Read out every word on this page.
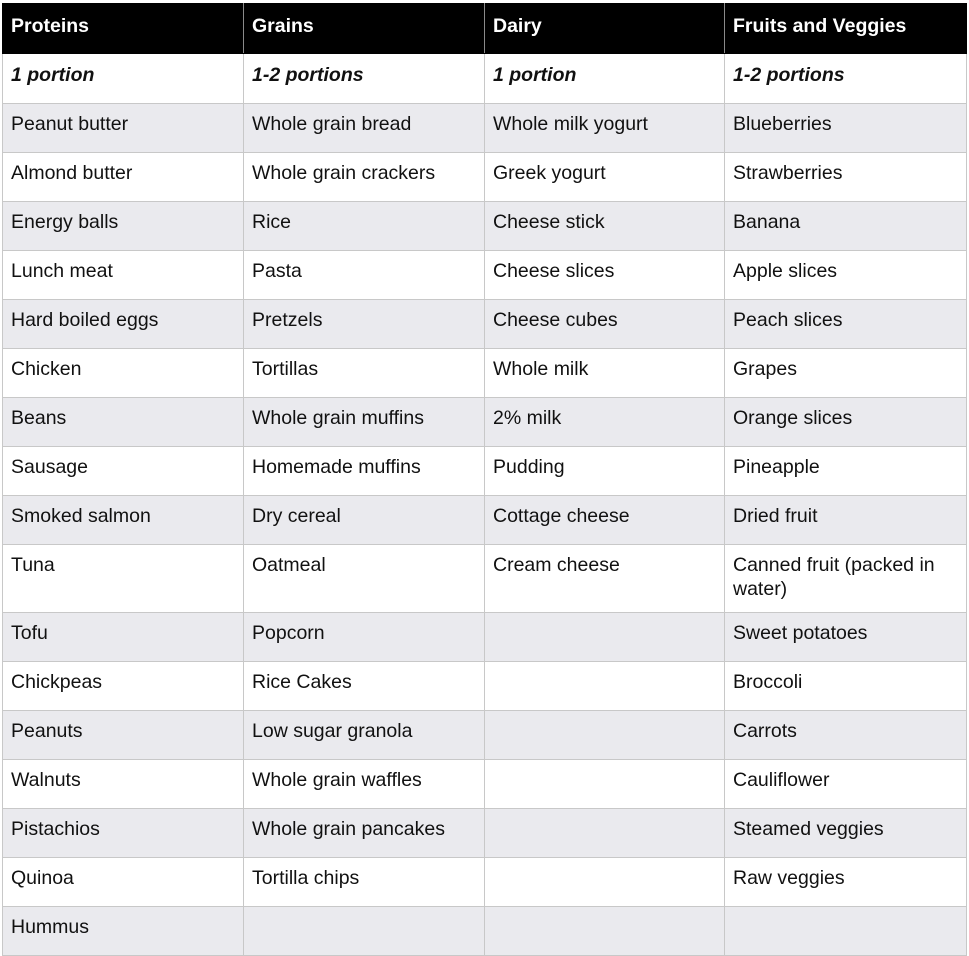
Proteins	Grains	Dairy	Fruits and Veggies
1 portion	1-2 portions	1 portion	1-2 portions
Peanut butter	Whole grain bread	Whole milk yogurt	Blueberries
Almond butter	Whole grain crackers	Greek yogurt	Strawberries
Energy balls	Rice	Cheese stick	Banana
Lunch meat	Pasta	Cheese slices	Apple slices
Hard boiled eggs	Pretzels	Cheese cubes	Peach slices
Chicken	Tortillas	Whole milk	Grapes
Beans	Whole grain muffins	2% milk	Orange slices
Sausage	Homemade muffins	Pudding	Pineapple
Smoked salmon	Dry cereal	Cottage cheese	Dried fruit
Tuna	Oatmeal	Cream cheese	Canned fruit (packed in water)
Tofu	Popcorn		Sweet potatoes
Chickpeas	Rice Cakes		Broccoli
Peanuts	Low sugar granola		Carrots
Walnuts	Whole grain waffles		Cauliflower
Pistachios	Whole grain pancakes		Steamed veggies
Quinoa	Tortilla chips		Raw veggies
Hummus			
